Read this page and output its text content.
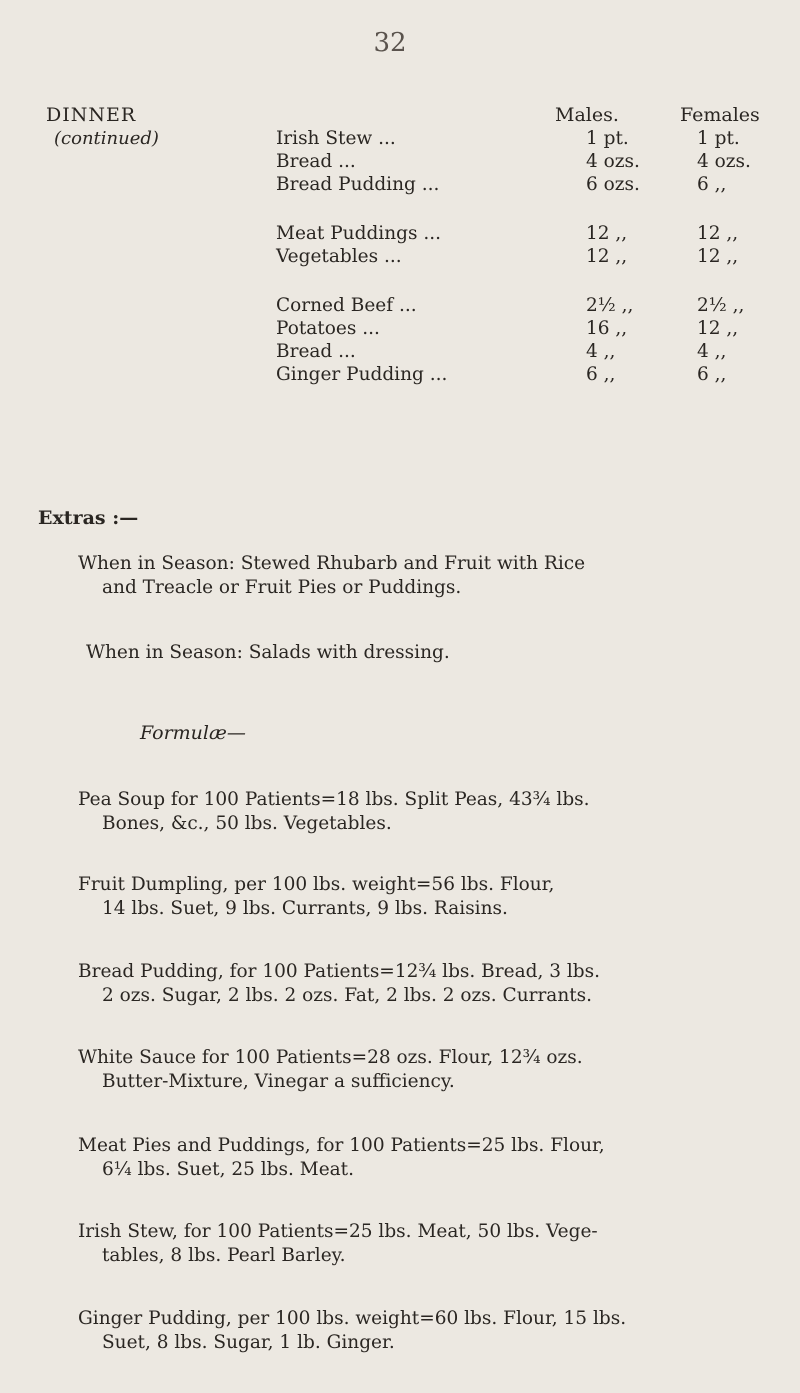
32
DINNER
(continued)
Males.	Females
Irish Stew ...	1 pt.	1 pt.
Bread ...	4 ozs.	4 ozs.
Bread Pudding ...	6 ozs.	6 ,,
Meat Puddings ...	12 ,,	12 ,,
Vegetables ...	12 ,,	12 ,,
Corned Beef ...	2½ ,,	2½ ,,
Potatoes ...	16 ,,	12 ,,
Bread ...	4 ,,	4 ,,
Ginger Pudding ...	6 ,,	6 ,,
Extras :—
When in Season: Stewed Rhubarb and Fruit with Rice
and Treacle or Fruit Pies or Puddings.
When in Season: Salads with dressing.
Formulæ—
Pea Soup for 100 Patients=18 lbs. Split Peas, 43¾ lbs.
Bones, &c., 50 lbs. Vegetables.
Fruit Dumpling, per 100 lbs. weight=56 lbs. Flour,
14 lbs. Suet, 9 lbs. Currants, 9 lbs. Raisins.
Bread Pudding, for 100 Patients=12¾ lbs. Bread, 3 lbs.
2 ozs. Sugar, 2 lbs. 2 ozs. Fat, 2 lbs. 2 ozs. Currants.
White Sauce for 100 Patients=28 ozs. Flour, 12¾ ozs.
Butter-Mixture, Vinegar a sufficiency.
Meat Pies and Puddings, for 100 Patients=25 lbs. Flour,
6¼ lbs. Suet, 25 lbs. Meat.
Irish Stew, for 100 Patients=25 lbs. Meat, 50 lbs. Vege-
tables, 8 lbs. Pearl Barley.
Ginger Pudding, per 100 lbs. weight=60 lbs. Flour, 15 lbs.
Suet, 8 lbs. Sugar, 1 lb. Ginger.
